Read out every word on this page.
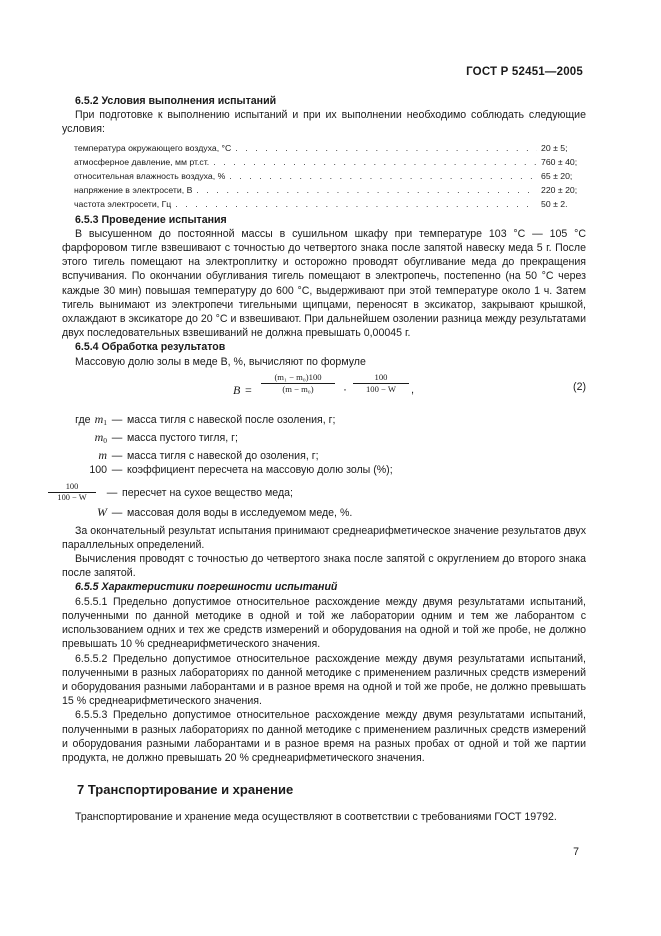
ГОСТ Р 52451—2005

6.5.2 Условия выполнения испытаний

При подготовке к выполнению испытаний и при их выполнении необходимо соблюдать следующие условия:

температура окружающего воздуха, °C . . .	20 ± 5;
атмосферное давление, мм рт.ст. . . .	760 ± 40;
относительная влажность воздуха, % . . .	65 ± 20;
напряжение в электросети, В . . .	220 ± 20;
частота электросети, Гц . . .	50 ± 2.

6.5.3 Проведение испытания

В высушенном до постоянной массы в сушильном шкафу при температуре 103 °C — 105 °C фарфоровом тигле взвешивают с точностью до четвертого знака после запятой навеску меда 5 г. После этого тигель помещают на электроплитку и осторожно проводят обугливание меда до прекращения вспучивания. По окончании обугливания тигель помещают в электропечь, постепенно (на 50 °C через каждые 30 мин) повышая температуру до 600 °C, выдерживают при этой температуре около 1 ч. Затем тигель вынимают из электропечи тигельными щипцами, переносят в эксикатор, закрывают крышкой, охлаждают в эксикаторе до 20 °C и взвешивают. При дальнейшем озолении разница между результатами двух последовательных взвешиваний не должна превышать 0,00045 г.

6.5.4 Обработка результатов

Массовую долю золы в меде B, %, вычисляют по формуле

$B = \frac{\text{(m₁ − m₀)100}}{\text{(m − m₀)}} \cdot \frac{100}{100 - W}$ ,	(2)
где $m_1$ — масса тигля с навеской после озоления, г;
$m_0$ — масса пустого тигля, г;
m — масса тигля с навеской до озоления, г;
100 — коэффициент пересчета на массовую долю золы (%);
$\frac{100}{100 - W}$	— пересчет на сухое вещество меда;
W — массовая доля воды в исследуемом меде, %.

За окончательный результат испытания принимают среднеарифметическое значение результатов двух параллельных определений.

Вычисления проводят с точностью до четвертого знака после запятой с округлением до второго знака после запятой.

6.5.5 Характеристики погрешности испытаний

6.5.5.1 Предельно допустимое относительное расхождение между двумя результатами испытаний, полученными по данной методике в одной и той же лаборатории одним и тем же лаборантом с использованием одних и тех же средств измерений и оборудования на одной и той же пробе, не должно превышать 10 % среднеарифметического значения.

6.5.5.2 Предельно допустимое относительное расхождение между двумя результатами испытаний, полученными в разных лабораториях по данной методике с применением различных средств измерений и оборудования разными лаборантами и в разное время на одной и той же пробе, не должно превышать 15 % среднеарифметического значения.

6.5.5.3 Предельно допустимое относительное расхождение между двумя результатами испытаний, полученными в разных лабораториях по данной методике с применением различных средств измерений и оборудования разными лаборантами и в разное время на разных пробах от одной и той же партии продукта, не должно превышать 20 % среднеарифметического значения.

7 Транспортирование и хранение

Транспортирование и хранение меда осуществляют в соответствии с требованиями ГОСТ 19792.

7
